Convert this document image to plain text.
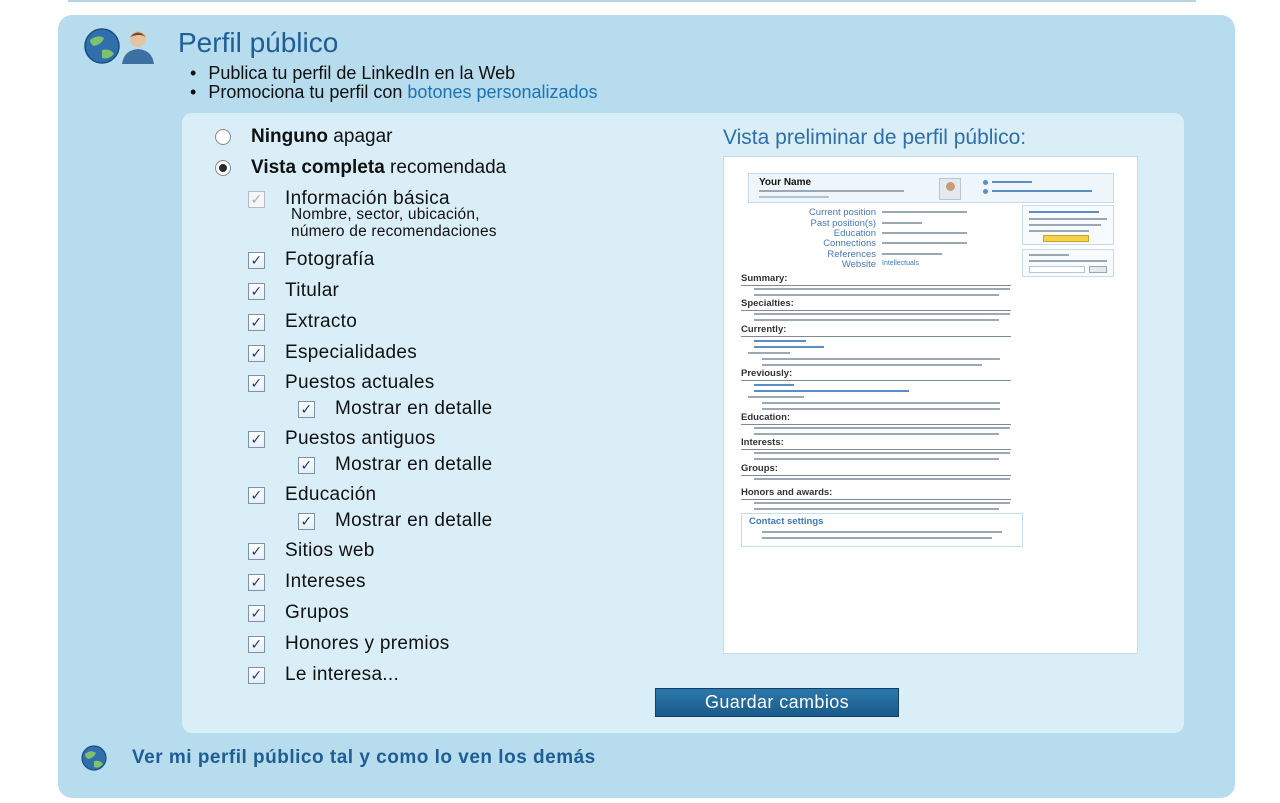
Perfil público
• Publica tu perfil de LinkedIn en la Web
• Promociona tu perfil con botones personalizados
Ninguno apagar
Vista completa recomendada
✓ Información básica
Nombre, sector, ubicación,
número de recomendaciones
✓ Fotografía
✓ Titular
✓ Extracto
✓ Especialidades
✓ Puestos actuales
✓ Mostrar en detalle
✓ Puestos antiguos
✓ Mostrar en detalle
✓ Educación
✓ Mostrar en detalle
✓ Sitios web
✓ Intereses
✓ Grupos
✓ Honores y premios
✓ Le interesa...
Vista preliminar de perfil público:
Your Name
Current position
Past position(s)
Education
Connections
References
Website Intellectuals
Summary:
Specialties:
Currently:
Previously:
Education:
Interests:
Groups:
Honors and awards:
Contact settings
Guardar cambios
Ver mi perfil público tal y como lo ven los demás
